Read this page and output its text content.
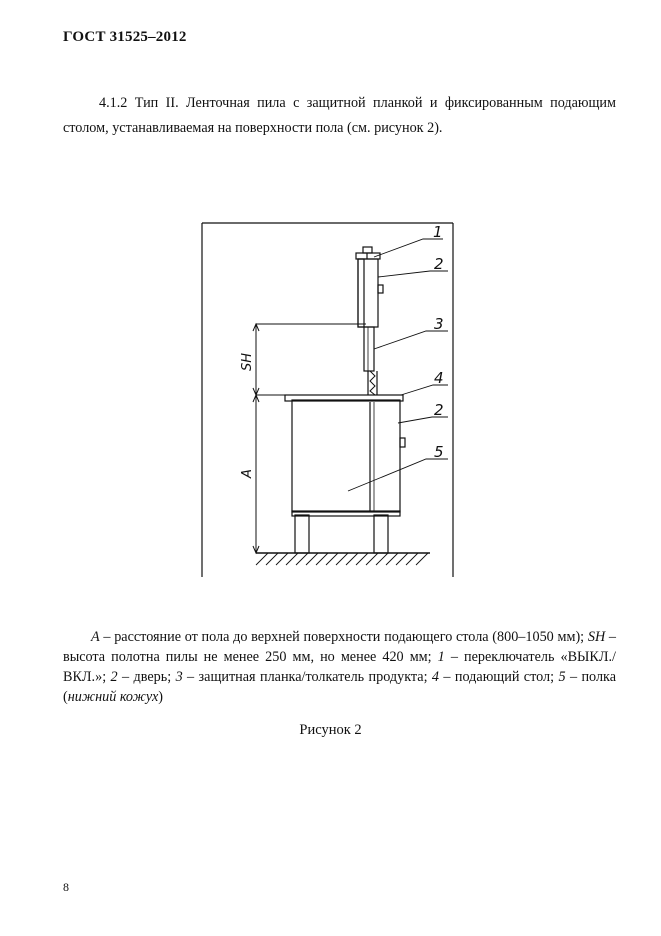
ГОСТ 31525–2012

4.1.2 Тип II. Ленточная пила с защитной планкой и фиксированным подающим столом, устанавливаемая на поверхности пола (см. рисунок 2).

SH
A
1
2
3
4
2
5

A – расстояние от пола до верхней поверхности подающего стола (800–1050 мм); SH – высота полотна пилы не менее 250 мм, но менее 420 мм; 1 – переключатель «ВЫКЛ./ВКЛ.»; 2 – дверь; 3 – защитная планка/толкатель продукта; 4 – подающий стол; 5 – полка (нижний кожух)

Рисунок 2

8
